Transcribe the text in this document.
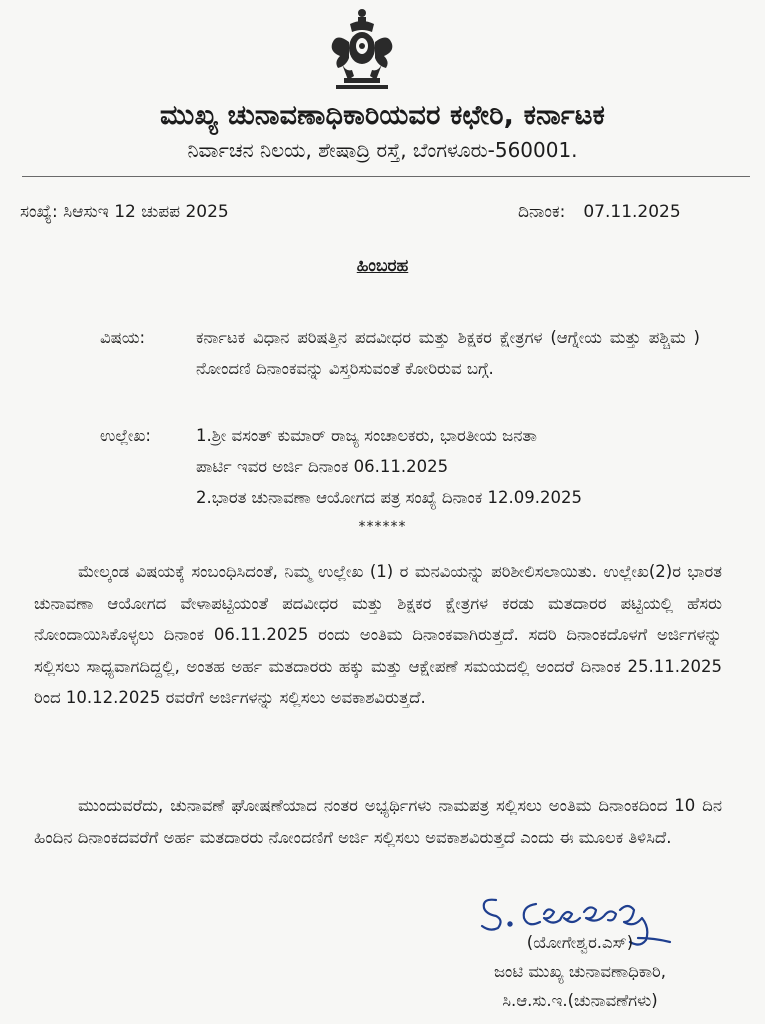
ಮುಖ್ಯ ಚುನಾವಣಾಧಿಕಾರಿಯವರ ಕಛೇರಿ, ಕರ್ನಾಟಕ
ನಿರ್ವಾಚನ ನಿಲಯ, ಶೇಷಾದ್ರಿ ರಸ್ತೆ, ಬೆಂಗಳೂರು-560001.
ಸಂಖ್ಯೆ: ಸಿಆಸುಇ 12 ಚುಪಪ 2025	ದಿನಾಂಕ: 07.11.2025
ಹಿಂಬರಹ
ವಿಷಯ:	ಕರ್ನಾಟಕ ವಿಧಾನ ಪರಿಷತ್ತಿನ ಪದವೀಧರ ಮತ್ತು ಶಿಕ್ಷಕರ ಕ್ಷೇತ್ರಗಳ (ಆಗ್ನೇಯ ಮತ್ತು ಪಶ್ಚಿಮ ) ನೋಂದಣಿ ದಿನಾಂಕವನ್ನು ವಿಸ್ತರಿಸುವಂತೆ ಕೋರಿರುವ ಬಗ್ಗೆ.
ಉಲ್ಲೇಖ:	1.ಶ್ರೀ ವಸಂತ್ ಕುಮಾರ್ ರಾಜ್ಯ ಸಂಚಾಲಕರು, ಭಾರತೀಯ ಜನತಾ
ಪಾರ್ಟಿ ಇವರ ಅರ್ಜಿ ದಿನಾಂಕ 06.11.2025
2.ಭಾರತ ಚುನಾವಣಾ ಆಯೋಗದ ಪತ್ರ ಸಂಖ್ಯೆ ದಿನಾಂಕ 12.09.2025
******
ಮೇಲ್ಕಂಡ ವಿಷಯಕ್ಕೆ ಸಂಬಂಧಿಸಿದಂತೆ, ನಿಮ್ಮ ಉಲ್ಲೇಖ (1) ರ ಮನವಿಯನ್ನು ಪರಿಶೀಲಿಸಲಾಯಿತು. ಉಲ್ಲೇಖ(2)ರ ಭಾರತ ಚುನಾವಣಾ ಆಯೋಗದ ವೇಳಾಪಟ್ಟಿಯಂತೆ ಪದವೀಧರ ಮತ್ತು ಶಿಕ್ಷಕರ ಕ್ಷೇತ್ರಗಳ ಕರಡು ಮತದಾರರ ಪಟ್ಟಿಯಲ್ಲಿ ಹೆಸರು ನೋಂದಾಯಿಸಿಕೊಳ್ಳಲು ದಿನಾಂಕ 06.11.2025 ರಂದು ಅಂತಿಮ ದಿನಾಂಕವಾಗಿರುತ್ತದೆ. ಸದರಿ ದಿನಾಂಕದೊಳಗೆ ಅರ್ಜಿಗಳನ್ನು ಸಲ್ಲಿಸಲು ಸಾಧ್ಯವಾಗದಿದ್ದಲ್ಲಿ, ಅಂತಹ ಅರ್ಹ ಮತದಾರರು ಹಕ್ಕು ಮತ್ತು ಆಕ್ಷೇಪಣೆ ಸಮಯದಲ್ಲಿ ಅಂದರೆ ದಿನಾಂಕ 25.11.2025 ರಿಂದ 10.12.2025 ರವರೆಗೆ ಅರ್ಜಿಗಳನ್ನು ಸಲ್ಲಿಸಲು ಅವಕಾಶವಿರುತ್ತದೆ.
ಮುಂದುವರೆದು, ಚುನಾವಣೆ ಘೋಷಣೆಯಾದ ನಂತರ ಅಭ್ಯರ್ಥಿಗಳು ನಾಮಪತ್ರ ಸಲ್ಲಿಸಲು ಅಂತಿಮ ದಿನಾಂಕದಿಂದ 10 ದಿನ ಹಿಂದಿನ ದಿನಾಂಕದವರೆಗೆ ಅರ್ಹ ಮತದಾರರು ನೋಂದಣಿಗೆ ಅರ್ಜಿ ಸಲ್ಲಿಸಲು ಅವಕಾಶವಿರುತ್ತದೆ ಎಂದು ಈ ಮೂಲಕ ತಿಳಿಸಿದೆ.
(ಯೋಗೇಶ್ವರ.ಎಸ್)
ಜಂಟಿ ಮುಖ್ಯ ಚುನಾವಣಾಧಿಕಾರಿ,
ಸಿ.ಆ.ಸು.ಇ.(ಚುನಾವಣೆಗಳು)
